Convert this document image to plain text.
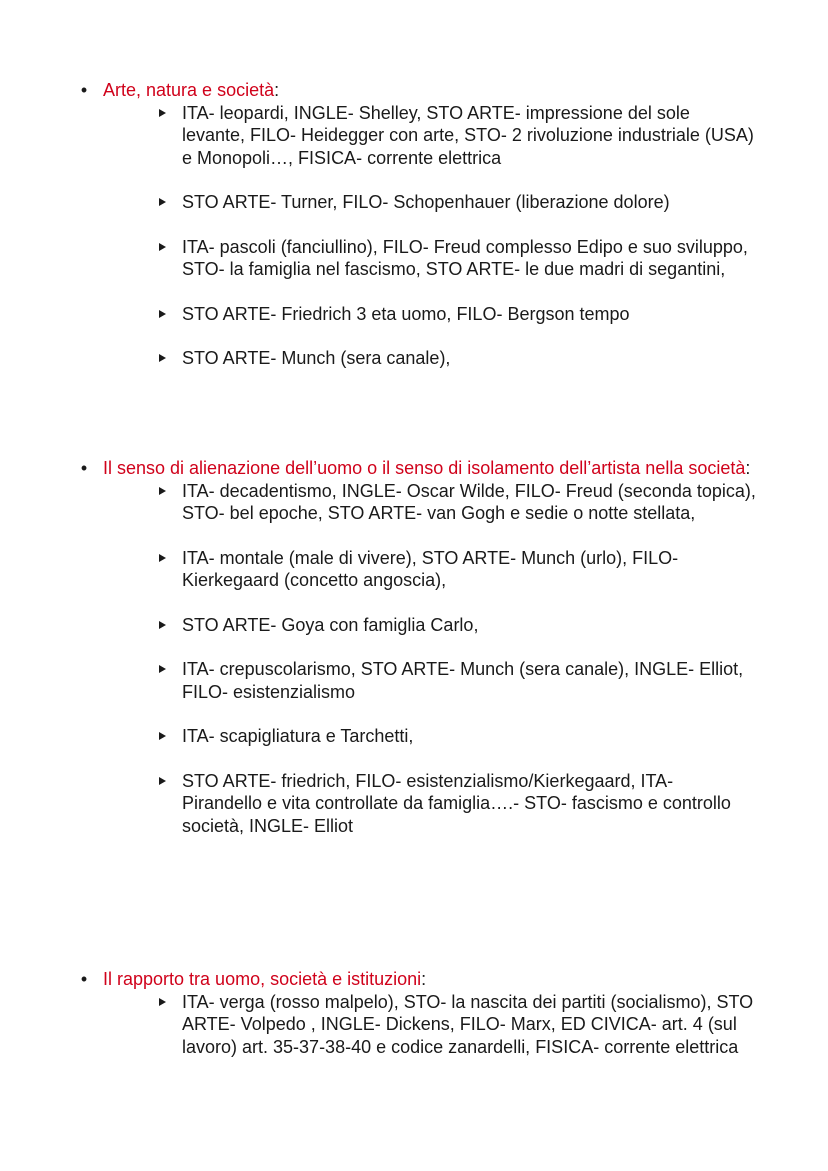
• Arte, natura e società:
ITA- leopardi, INGLE- Shelley, STO ARTE- impressione del sole levante, FILO- Heidegger con arte, STO- 2 rivoluzione industriale (USA) e Monopoli…, FISICA- corrente elettrica
STO ARTE- Turner, FILO- Schopenhauer (liberazione dolore)
ITA- pascoli (fanciullino), FILO- Freud complesso Edipo e suo sviluppo, STO- la famiglia nel fascismo, STO ARTE- le due madri di segantini,
STO ARTE- Friedrich 3 eta uomo, FILO- Bergson tempo
STO ARTE- Munch (sera canale),
• Il senso di alienazione dell’uomo o il senso di isolamento dell’artista nella società:
ITA- decadentismo, INGLE- Oscar Wilde, FILO- Freud (seconda topica), STO- bel epoche, STO ARTE- van Gogh e sedie o notte stellata,
ITA- montale (male di vivere), STO ARTE- Munch (urlo), FILO- Kierkegaard (concetto angoscia),
STO ARTE- Goya con famiglia Carlo,
ITA- crepuscolarismo, STO ARTE- Munch (sera canale), INGLE- Elliot, FILO- esistenzialismo
ITA- scapigliatura e Tarchetti,
STO ARTE- friedrich, FILO- esistenzialismo/Kierkegaard, ITA- Pirandello e vita controllate da famiglia….- STO- fascismo e controllo società, INGLE- Elliot
• Il rapporto tra uomo, società e istituzioni:
ITA- verga (rosso malpelo), STO- la nascita dei partiti (socialismo), STO ARTE- Volpedo , INGLE- Dickens, FILO- Marx, ED CIVICA- art. 4 (sul lavoro) art. 35-37-38-40 e codice zanardelli, FISICA- corrente elettrica
